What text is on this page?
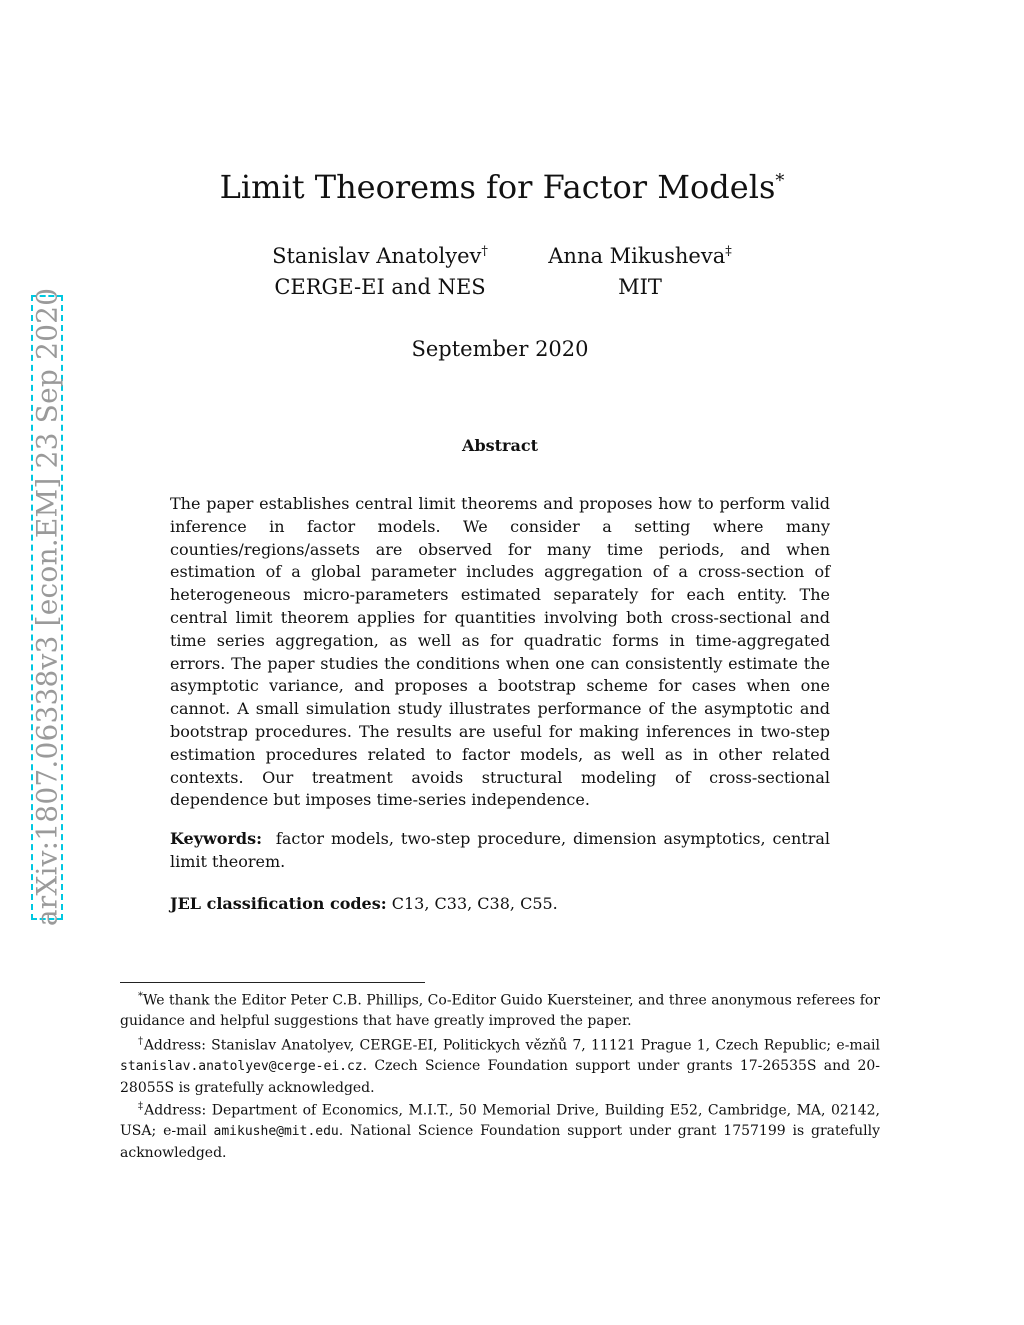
arXiv:1807.06338v3 [econ.EM] 23 Sep 2020
Limit Theorems for Factor Models*
Stanislav Anatolyev†
CERGE-EI and NES
Anna Mikusheva‡
MIT
September 2020
Abstract

The paper establishes central limit theorems and proposes how to perform valid inference in factor models. We consider a setting where many counties/regions/assets are observed for many time periods, and when estimation of a global parameter includes aggregation of a cross-section of heterogeneous micro-parameters estimated separately for each entity. The central limit theorem applies for quantities involving both cross-sectional and time series aggregation, as well as for quadratic forms in time-aggregated errors. The paper studies the conditions when one can consistently estimate the asymptotic variance, and proposes a bootstrap scheme for cases when one cannot. A small simulation study illustrates performance of the asymptotic and bootstrap procedures. The results are useful for making inferences in two-step estimation procedures related to factor models, as well as in other related contexts. Our treatment avoids structural modeling of cross-sectional dependence but imposes time-series independence.

Keywords: factor models, two-step procedure, dimension asymptotics, central limit theorem.

JEL classification codes: C13, C33, C38, C55.

*We thank the Editor Peter C.B. Phillips, Co-Editor Guido Kuersteiner, and three anonymous referees for guidance and helpful suggestions that have greatly improved the paper.

†Address: Stanislav Anatolyev, CERGE-EI, Politickych vězňů 7, 11121 Prague 1, Czech Republic; e-mail stanislav.anatolyev@cerge-ei.cz. Czech Science Foundation support under grants 17-26535S and 20-28055S is gratefully acknowledged.

‡Address: Department of Economics, M.I.T., 50 Memorial Drive, Building E52, Cambridge, MA, 02142, USA; e-mail amikushe@mit.edu. National Science Foundation support under grant 1757199 is gratefully acknowledged.
